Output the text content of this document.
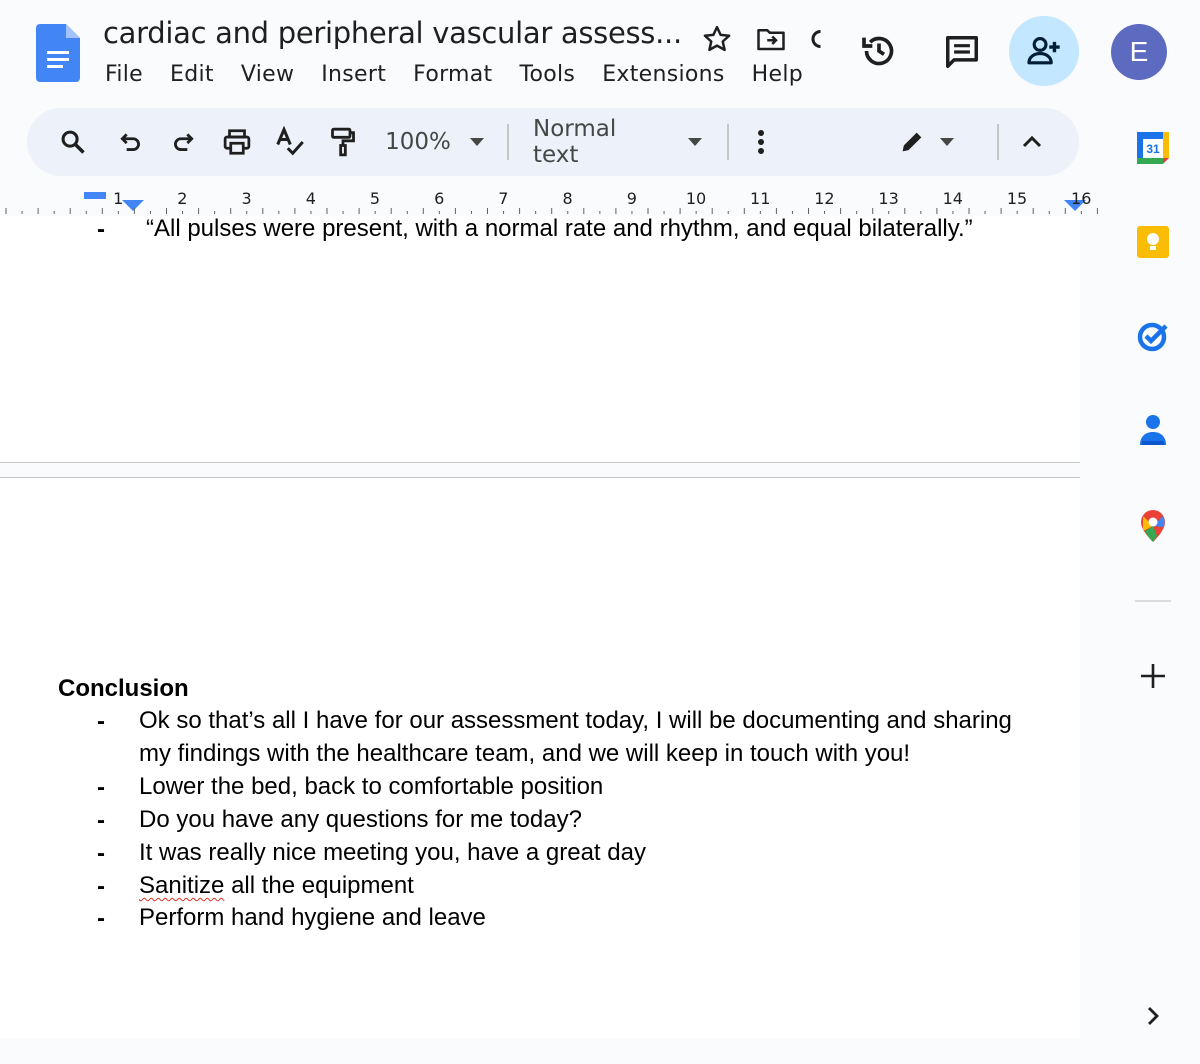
cardiac and peripheral vascular assess...
File Edit View Insert Format Tools Extensions Help
E
100%	Normal text
1	2	3	4	5	6	7	8	9	10	11	12	13	14	15	16
- “All pulses were present, with a normal rate and rhythm, and equal bilaterally.”
Conclusion
- Ok so that’s all I have for our assessment today, I will be documenting and sharing
my findings with the healthcare team, and we will keep in touch with you!
- Lower the bed, back to comfortable position
- Do you have any questions for me today?
- It was really nice meeting you, have a great day
- Sanitize all the equipment
- Perform hand hygiene and leave
31
